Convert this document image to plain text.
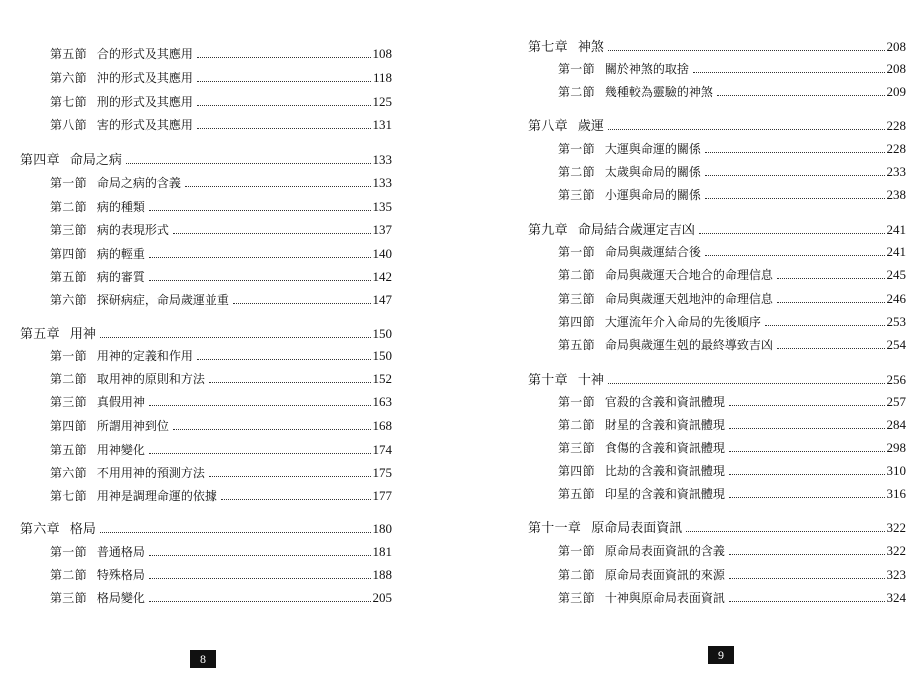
第五節 合的形式及其應用	108
第六節 沖的形式及其應用	118
第七節 刑的形式及其應用	125
第八節 害的形式及其應用	131
第四章 命局之病	133
第一節 命局之病的含義	133
第二節 病的種類	135
第三節 病的表現形式	137
第四節 病的輕重	140
第五節 病的審質	142
第六節 探研病症，命局歲運並重	147
第五章 用神	150
第一節 用神的定義和作用	150
第二節 取用神的原則和方法	152
第三節 真假用神	163
第四節 所謂用神到位	168
第五節 用神變化	174
第六節 不用用神的預測方法	175
第七節 用神是調理命運的依據	177
第六章 格局	180
第一節 普通格局	181
第二節 特殊格局	188
第三節 格局變化	205
8
第七章 神煞	208
第一節 關於神煞的取捨	208
第二節 幾種較為靈驗的神煞	209
第八章 歲運	228
第一節 大運與命運的關係	228
第二節 太歲與命局的關係	233
第三節 小運與命局的關係	238
第九章 命局結合歲運定吉凶	241
第一節 命局與歲運結合後	241
第二節 命局與歲運天合地合的命理信息	245
第三節 命局與歲運天剋地沖的命理信息	246
第四節 大運流年介入命局的先後順序	253
第五節 命局與歲運生剋的最終導致吉凶	254
第十章 十神	256
第一節 官殺的含義和資訊體現	257
第二節 財星的含義和資訊體現	284
第三節 食傷的含義和資訊體現	298
第四節 比劫的含義和資訊體現	310
第五節 印星的含義和資訊體現	316
第十一章 原命局表面資訊	322
第一節 原命局表面資訊的含義	322
第二節 原命局表面資訊的來源	323
第三節 十神與原命局表面資訊	324
9
